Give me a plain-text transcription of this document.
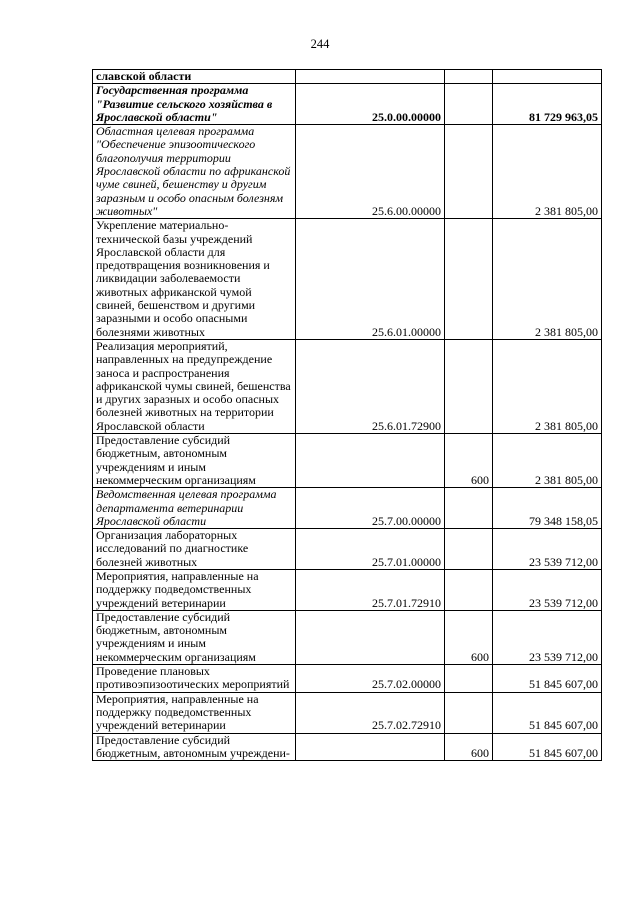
244
славской области			
Государственная программа "Развитие сельского хозяйства в Ярославской области"	25.0.00.00000		81 729 963,05
Областная целевая программа "Обеспечение эпизоотического благополучия территории Ярославской области по африканской чуме свиней, бешенству и другим заразным и особо опасным болезням животных"	25.6.00.00000		2 381 805,00
Укрепление материально-технической базы учреждений Ярославской области для предотвращения возникновения и ликвидации заболеваемости животных африканской чумой свиней, бешенством и другими заразными и особо опасными болезнями животных	25.6.01.00000		2 381 805,00
Реализация мероприятий, направленных на предупреждение заноса и распространения африканской чумы свиней, бешенства и других заразных и особо опасных болезней животных на территории Ярославской области	25.6.01.72900		2 381 805,00
Предоставление субсидий бюджетным, автономным учреждениям и иным некоммерческим организациям		600	2 381 805,00
Ведомственная целевая программа департамента ветеринарии Ярославской области	25.7.00.00000		79 348 158,05
Организация лабораторных исследований по диагностике болезней животных	25.7.01.00000		23 539 712,00
Мероприятия, направленные на поддержку подведомственных учреждений ветеринарии	25.7.01.72910		23 539 712,00
Предоставление субсидий бюджетным, автономным учреждениям и иным некоммерческим организациям		600	23 539 712,00
Проведение плановых противоэпизоотических мероприятий	25.7.02.00000		51 845 607,00
Мероприятия, направленные на поддержку подведомственных учреждений ветеринарии	25.7.02.72910		51 845 607,00
Предоставление субсидий бюджетным, автономным учреждени-		600	51 845 607,00
